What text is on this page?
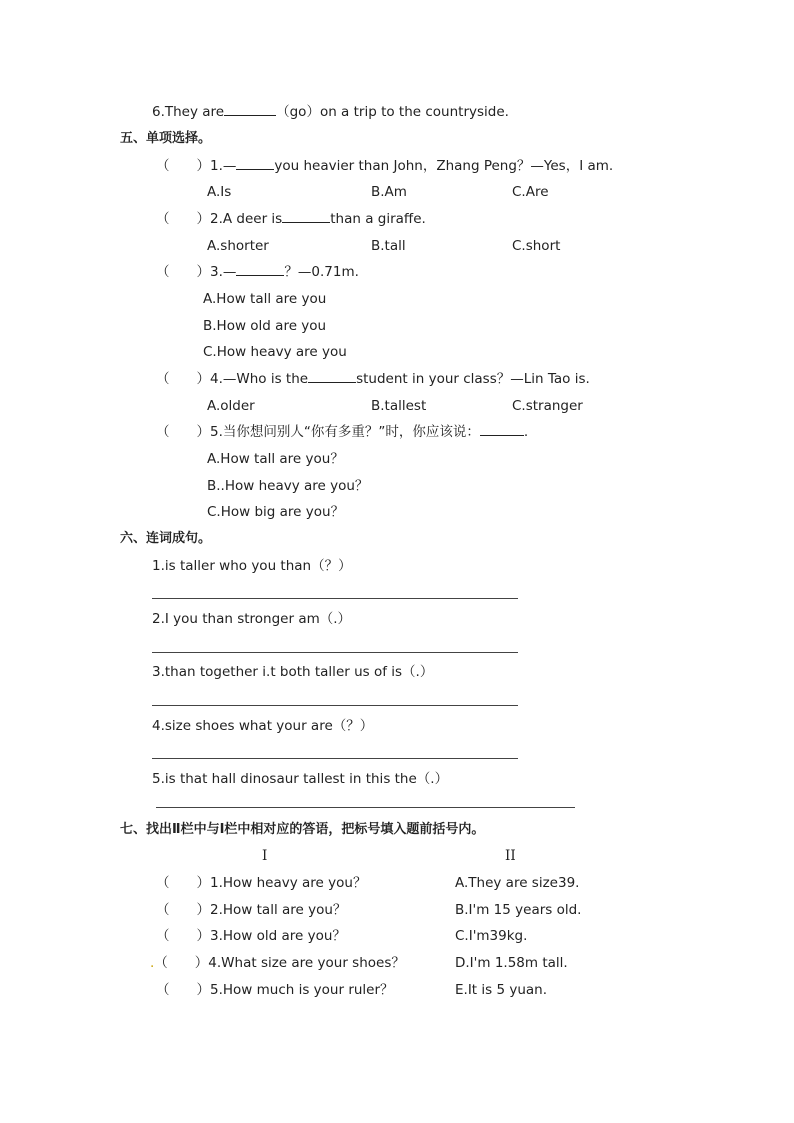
6.They are	（go）on a trip to the countryside.
五、单项选择。
（　　）1.—	you heavier than John，Zhang Peng？—Yes，I am.
A.Is	B.Am	C.Are
（　　）2.A deer is	than a giraffe.
A.shorter	B.tall	C.short
（　　）3.—	？—0.71m.
A.How tall are you
B.How old are you
C.How heavy are you
（　　）4.—Who is the	student in your class？—Lin Tao is.
A.older	B.tallest	C.stranger
（　　）5.当你想问别人“你有多重？”时，你应该说：	.
A.How tall are you？
B..How heavy are you？
C.How big are you？
六、连词成句。
1.is taller who you than（？）
2.I you than stronger am（.）
3.than together i.t both taller us of is（.）
4.size shoes what your are（？）
5.is that hall dinosaur tallest in this the（.）
七、找出Ⅱ栏中与Ⅰ栏中相对应的答语，把标号填入题前括号内。
I	II
（　　）1.How heavy are you？	A.They are size39.
（　　）2.How tall are you？	B.I'm 15 years old.
（　　）3.How old are you？	C.I'm39kg.
.（　　）4.What size are your shoes？	D.I'm 1.58m tall.
（　　）5.How much is your ruler？	E.It is 5 yuan.
